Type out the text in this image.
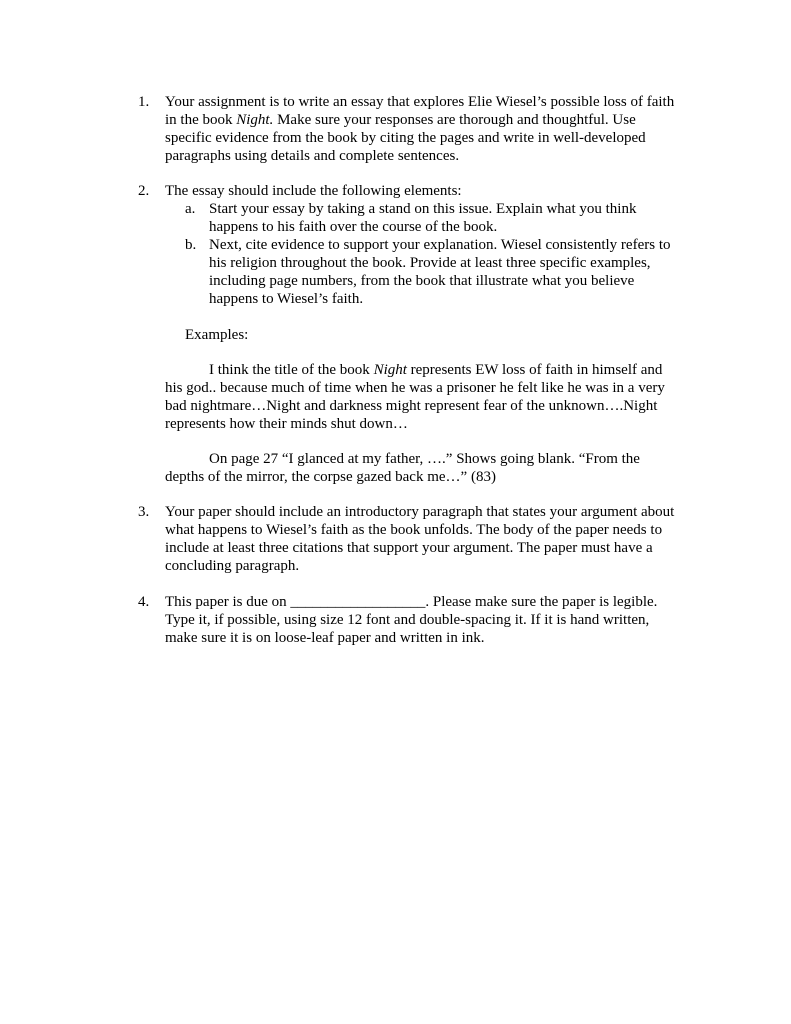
1. Your assignment is to write an essay that explores Elie Wiesel’s possible loss of faith in the book Night. Make sure your responses are thorough and thoughtful. Use specific evidence from the book by citing the pages and write in well-developed paragraphs using details and complete sentences.
2. The essay should include the following elements:
a. Start your essay by taking a stand on this issue. Explain what you think happens to his faith over the course of the book.
b. Next, cite evidence to support your explanation. Wiesel consistently refers to his religion throughout the book. Provide at least three specific examples, including page numbers, from the book that illustrate what you believe happens to Wiesel’s faith.
Examples:
I think the title of the book Night represents EW loss of faith in himself and his god.. because much of time when he was a prisoner he felt like he was in a very bad nightmare…Night and darkness might represent fear of the unknown….Night represents how their minds shut down…
On page 27 “I glanced at my father, ….” Shows going blank. “From the depths of the mirror, the corpse gazed back me…” (83)
3. Your paper should include an introductory paragraph that states your argument about what happens to Wiesel’s faith as the book unfolds. The body of the paper needs to include at least three citations that support your argument. The paper must have a concluding paragraph.
4. This paper is due on __________________. Please make sure the paper is legible. Type it, if possible, using size 12 font and double-spacing it. If it is hand written, make sure it is on loose-leaf paper and written in ink.
